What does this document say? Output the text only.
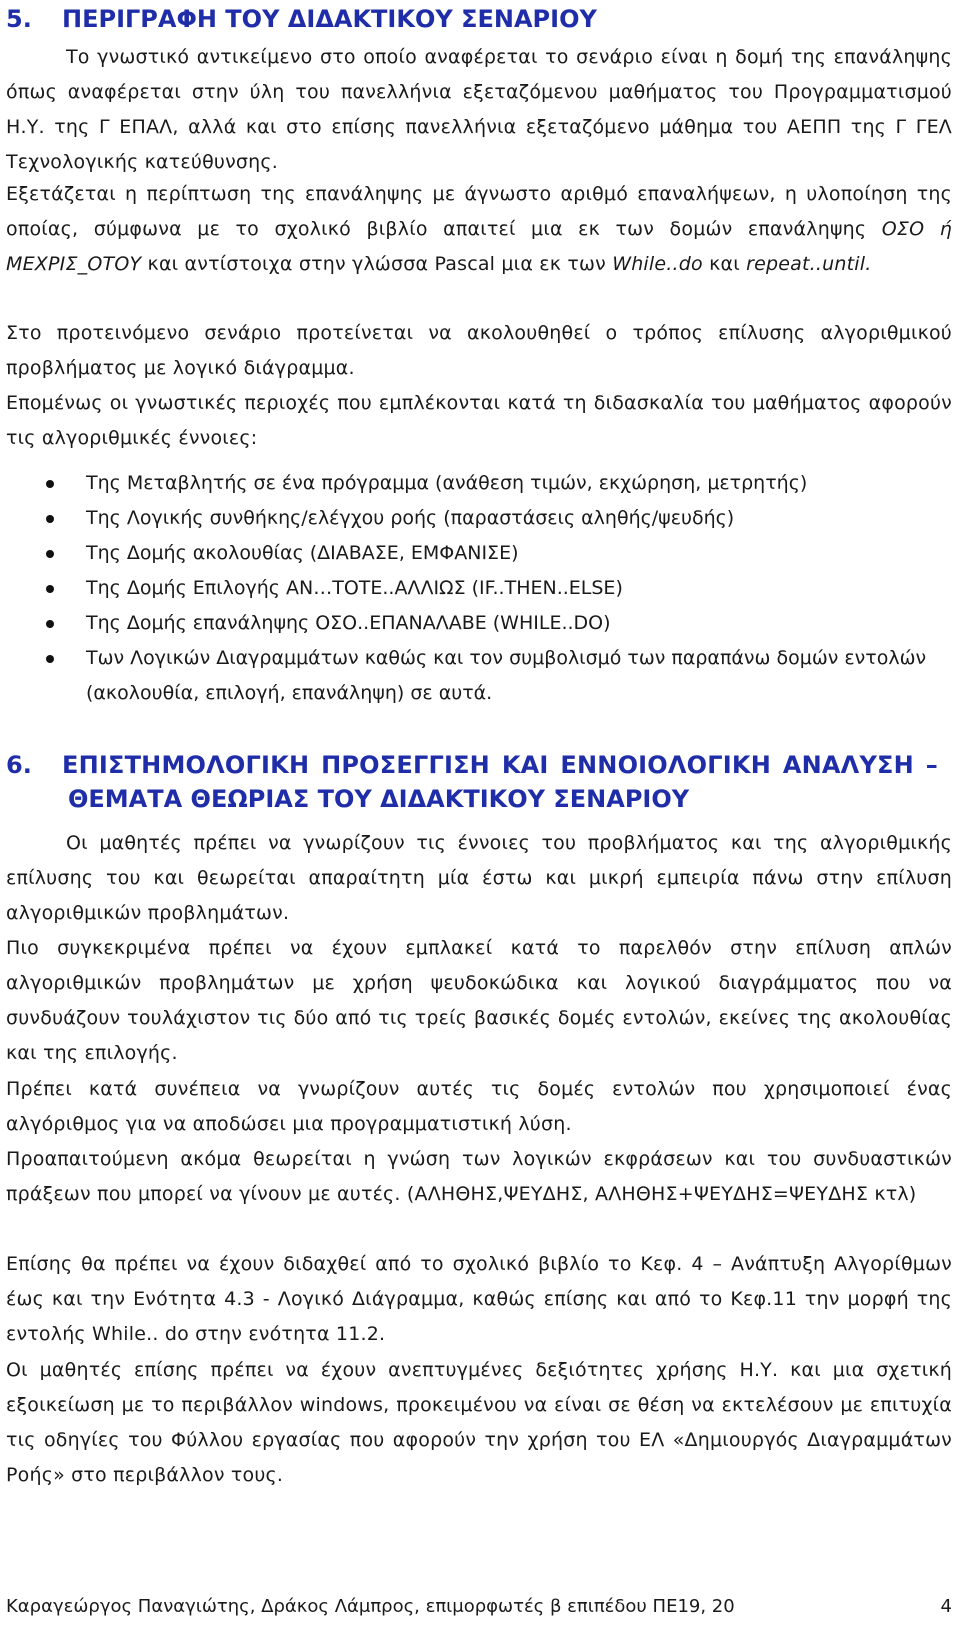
5. ΠΕΡΙΓΡΑΦΗ ΤΟΥ ΔΙΔΑΚΤΙΚΟΥ ΣΕΝΑΡΙΟΥ

Το γνωστικό αντικείμενο στο οποίο αναφέρεται το σενάριο είναι η δομή της επανάληψης όπως αναφέρεται στην ύλη του πανελλήνια εξεταζόμενου μαθήματος του Προγραμματισμού Η.Υ. της Γ ΕΠΑΛ, αλλά και στο επίσης πανελλήνια εξεταζόμενο μάθημα του ΑΕΠΠ της Γ ΓΕΛ Τεχνολογικής κατεύθυνσης.

Εξετάζεται η περίπτωση της επανάληψης με άγνωστο αριθμό επαναλήψεων, η υλοποίηση της οποίας, σύμφωνα με το σχολικό βιβλίο απαιτεί μια εκ των δομών επανάληψης ΟΣΟ ή ΜΕΧΡΙΣ_ΟΤΟΥ και αντίστοιχα στην γλώσσα Pascal μια εκ των While..do και repeat..until.

Στο προτεινόμενο σενάριο προτείνεται να ακολουθηθεί ο τρόπος επίλυσης αλγοριθμικού προβλήματος με λογικό διάγραμμα.

Επομένως οι γνωστικές περιοχές που εμπλέκονται κατά τη διδασκαλία του μαθήματος αφορούν τις αλγοριθμικές έννοιες:

Της Μεταβλητής σε ένα πρόγραμμα (ανάθεση τιμών, εκχώρηση, μετρητής)
Της Λογικής συνθήκης/ελέγχου ροής (παραστάσεις αληθής/ψευδής)
Της Δομής ακολουθίας (ΔΙΑΒΑΣΕ, ΕΜΦΑΝΙΣΕ)
Της Δομής Επιλογής ΑΝ…ΤΟΤΕ..ΑΛΛΙΩΣ (IF..THEN..ELSE)
Της Δομής επανάληψης ΟΣΟ..ΕΠΑΝΑΛΑΒΕ (WHILE..DO)
Των Λογικών Διαγραμμάτων καθώς και τον συμβολισμό των παραπάνω δομών εντολών (ακολουθία, επιλογή, επανάληψη) σε αυτά.
6. ΕΠΙΣΤΗΜΟΛΟΓΙΚΗ ΠΡΟΣΕΓΓΙΣΗ ΚΑΙ ΕΝΝΟΙΟΛΟΓΙΚΗ ΑΝΑΛΥΣΗ –
ΘΕΜΑΤΑ ΘΕΩΡΙΑΣ ΤΟΥ ΔΙΔΑΚΤΙΚΟΥ ΣΕΝΑΡΙΟΥ

Οι μαθητές πρέπει να γνωρίζουν τις έννοιες του προβλήματος και της αλγοριθμικής επίλυσης του και θεωρείται απαραίτητη μία έστω και μικρή εμπειρία πάνω στην επίλυση αλγοριθμικών προβλημάτων.

Πιο συγκεκριμένα πρέπει να έχουν εμπλακεί κατά το παρελθόν στην επίλυση απλών αλγοριθμικών προβλημάτων με χρήση ψευδοκώδικα και λογικού διαγράμματος που να συνδυάζουν τουλάχιστον τις δύο από τις τρείς βασικές δομές εντολών, εκείνες της ακολουθίας και της επιλογής.

Πρέπει κατά συνέπεια να γνωρίζουν αυτές τις δομές εντολών που χρησιμοποιεί ένας αλγόριθμος για να αποδώσει μια προγραμματιστική λύση.

Προαπαιτούμενη ακόμα θεωρείται η γνώση των λογικών εκφράσεων και του συνδυαστικών πράξεων που μπορεί να γίνουν με αυτές. (ΑΛΗΘΗΣ,ΨΕΥΔΗΣ, ΑΛΗΘΗΣ+ΨΕΥΔΗΣ=ΨΕΥΔΗΣ κτλ)

Επίσης θα πρέπει να έχουν διδαχθεί από το σχολικό βιβλίο το Κεφ. 4 – Ανάπτυξη Αλγορίθμων έως και την Ενότητα 4.3 - Λογικό Διάγραμμα, καθώς επίσης και από το Κεφ.11 την μορφή της εντολής While.. do στην ενότητα 11.2.

Οι μαθητές επίσης πρέπει να έχουν ανεπτυγμένες δεξιότητες χρήσης Η.Υ. και μια σχετική εξοικείωση με το περιβάλλον windows, προκειμένου να είναι σε θέση να εκτελέσουν με επιτυχία τις οδηγίες του Φύλλου εργασίας που αφορούν την χρήση του ΕΛ «Δημιουργός Διαγραμμάτων Ροής» στο περιβάλλον τους.

Καραγεώργος Παναγιώτης, Δράκος Λάμπρος, επιμορφωτές β επιπέδου ΠΕ19, 20	4
